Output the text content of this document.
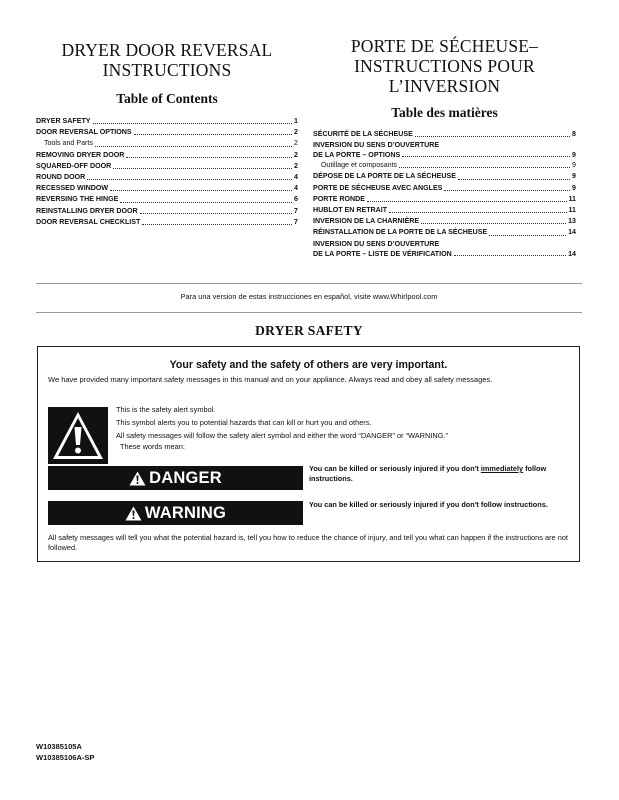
DRYER DOOR REVERSAL
INSTRUCTIONS
Table of Contents
DRYER SAFETY	1
DOOR REVERSAL OPTIONS	2
Tools and Parts	2
REMOVING DRYER DOOR	2
SQUARED-OFF DOOR	2
ROUND DOOR	4
RECESSED WINDOW	4
REVERSING THE HINGE	6
REINSTALLING DRYER DOOR	7
DOOR REVERSAL CHECKLIST	7
PORTE DE SÉCHEUSE–
INSTRUCTIONS POUR
L’INVERSION
Table des matières
SÉCURITÉ DE LA SÉCHEUSE	8
INVERSION DU SENS D’OUVERTURE
DE LA PORTE – OPTIONS	9
Outillage et composants	9
DÉPOSE DE LA PORTE DE LA SÉCHEUSE	9
PORTE DE SÉCHEUSE AVEC ANGLES	9
PORTE RONDE	11
HUBLOT EN RETRAIT	11
INVERSION DE LA CHARNIÈRE	13
RÉINSTALLATION DE LA PORTE DE LA SÉCHEUSE	14
INVERSION DU SENS D’OUVERTURE
DE LA PORTE – LISTE DE VÉRIFICATION	14
Para una version de estas instrucciones en español, visite www.Whirlpool.com
DRYER SAFETY

Your safety and the safety of others are very important.

We have provided many important safety messages in this manual and on your appliance. Always read and obey all safety messages.

This is the safety alert symbol.

This symbol alerts you to potential hazards that can kill or hurt you and others.

All safety messages will follow the safety alert symbol and either the word “DANGER” or “WARNING.”

These words mean:

DANGER	You can be killed or seriously injured if you don't immediately follow instructions.
WARNING	You can be killed or seriously injured if you don't follow instructions.
All safety messages will tell you what the potential hazard is, tell you how to reduce the chance of injury, and tell you what can happen if the instructions are not followed.
W10385105A
W10385106A-SP
